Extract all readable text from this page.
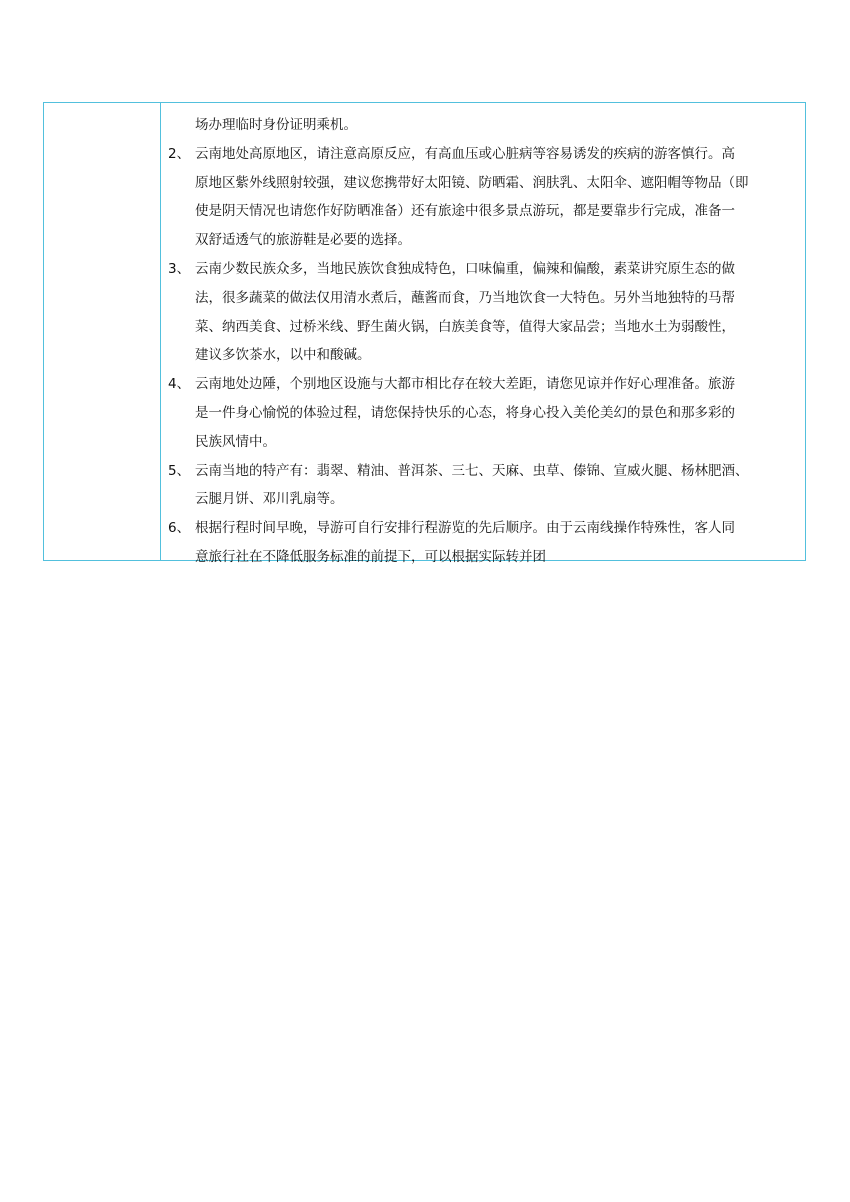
场办理临时身份证明乘机。
2、 云南地处高原地区，请注意高原反应，有高血压或心脏病等容易诱发的疾病的游客慎行。高
原地区紫外线照射较强，建议您携带好太阳镜、防晒霜、润肤乳、太阳伞、遮阳帽等物品（即
使是阴天情况也请您作好防晒准备）还有旅途中很多景点游玩，都是要靠步行完成，准备一
双舒适透气的旅游鞋是必要的选择。
3、 云南少数民族众多，当地民族饮食独成特色，口味偏重，偏辣和偏酸，素菜讲究原生态的做
法，很多蔬菜的做法仅用清水煮后，蘸酱而食，乃当地饮食一大特色。另外当地独特的马帮
菜、纳西美食、过桥米线、野生菌火锅，白族美食等，值得大家品尝；当地水土为弱酸性，
建议多饮茶水，以中和酸碱。
4、 云南地处边陲，个别地区设施与大都市相比存在较大差距，请您见谅并作好心理准备。旅游
是一件身心愉悦的体验过程，请您保持快乐的心态，将身心投入美伦美幻的景色和那多彩的
民族风情中。
5、 云南当地的特产有：翡翠、精油、普洱茶、三七、天麻、虫草、傣锦、宣威火腿、杨林肥酒、
云腿月饼、邓川乳扇等。
6、 根据行程时间早晚，导游可自行安排行程游览的先后顺序。由于云南线操作特殊性，客人同
意旅行社在不降低服务标准的前提下，可以根据实际转并团
